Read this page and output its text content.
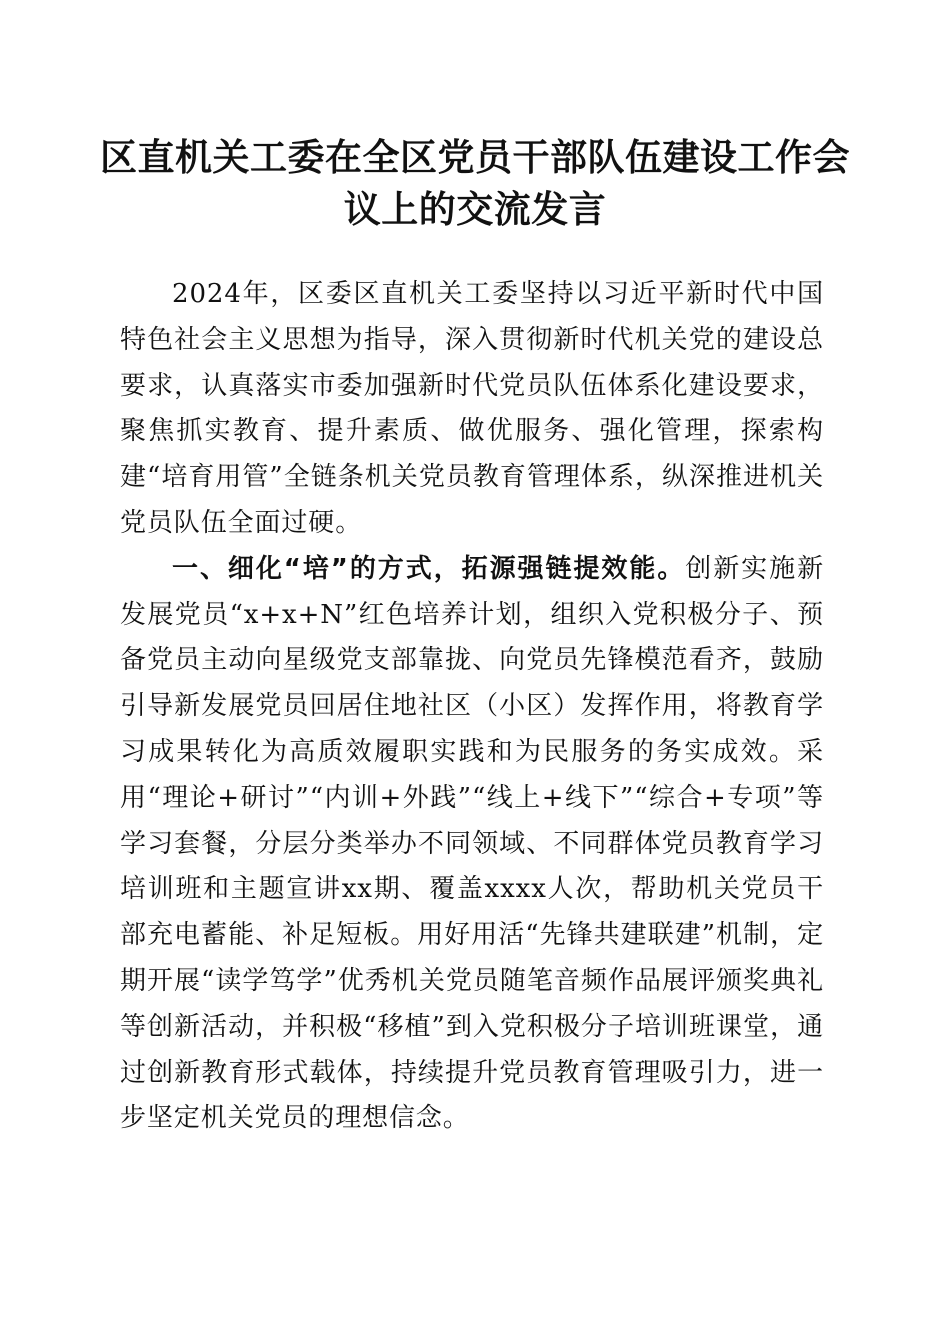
区直机关工委在全区党员干部队伍建设工作会
议上的交流发言

2024年，区委区直机关工委坚持以习近平新时代中国特色社会主义思想为指导，深入贯彻新时代机关党的建设总要求，认真落实市委加强新时代党员队伍体系化建设要求，聚焦抓实教育、提升素质、做优服务、强化管理，探索构建“培育用管”全链条机关党员教育管理体系，纵深推进机关党员队伍全面过硬。

一、细化“培”的方式，拓源强链提效能。创新实施新发展党员“x+x+N”红色培养计划，组织入党积极分子、预备党员主动向星级党支部靠拢、向党员先锋模范看齐，鼓励引导新发展党员回居住地社区（小区）发挥作用，将教育学习成果转化为高质效履职实践和为民服务的务实成效。采用“理论+研讨”“内训+外践”“线上+线下”“综合+专项”等学习套餐，分层分类举办不同领域、不同群体党员教育学习培训班和主题宣讲xx期、覆盖xxxx人次，帮助机关党员干部充电蓄能、补足短板。用好用活“先锋共建联建”机制，定期开展“读学笃学”优秀机关党员随笔音频作品展评颁奖典礼等创新活动，并积极“移植”到入党积极分子培训班课堂，通过创新教育形式载体，持续提升党员教育管理吸引力，进一步坚定机关党员的理想信念。
